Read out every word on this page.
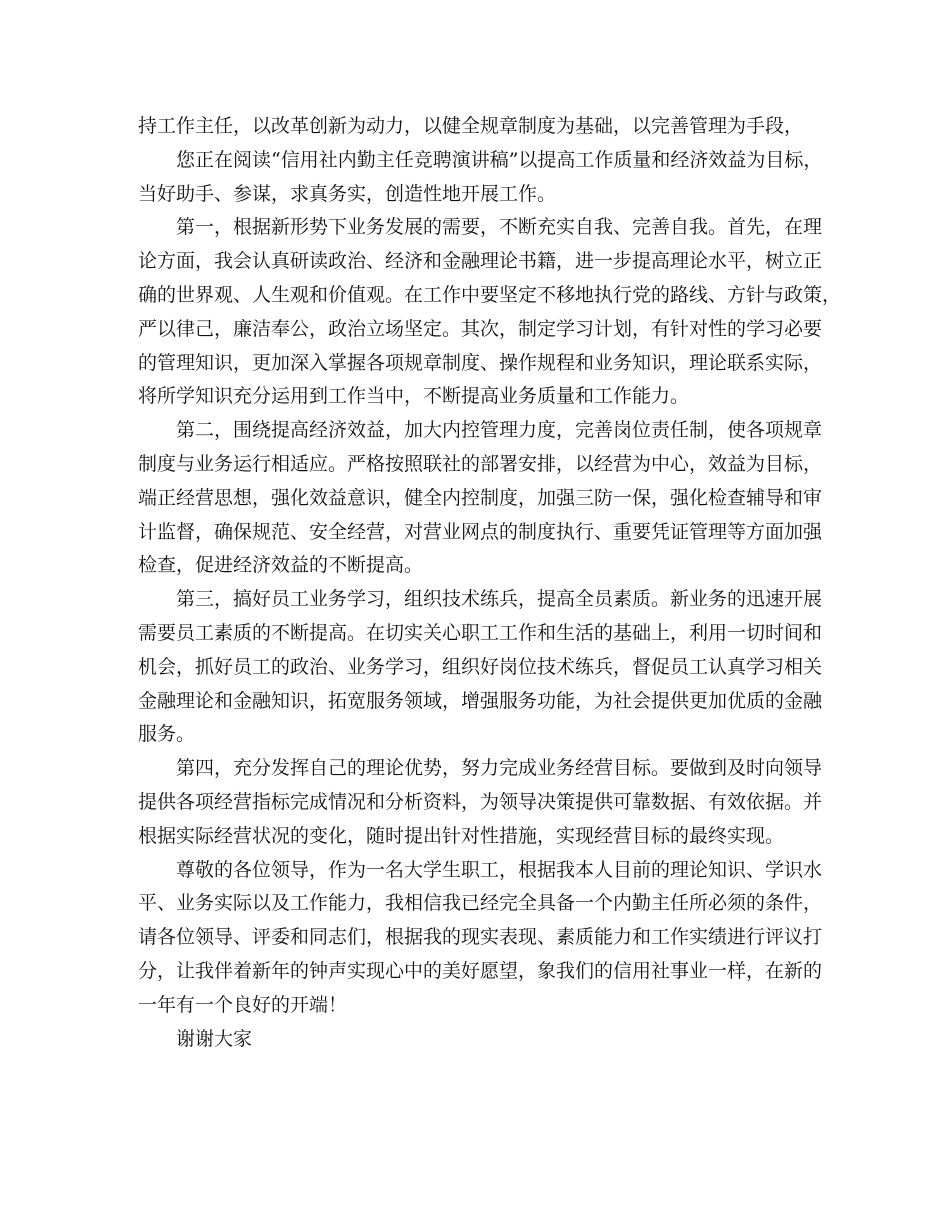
持工作主任，以改革创新为动力，以健全规章制度为基础，以完善管理为手段，
您正在阅读“信用社内勤主任竞聘演讲稿”以提高工作质量和经济效益为目标，
当好助手、参谋，求真务实，创造性地开展工作。
第一，根据新形势下业务发展的需要，不断充实自我、完善自我。首先，在理
论方面，我会认真研读政治、经济和金融理论书籍，进一步提高理论水平，树立正
确的世界观、人生观和价值观。在工作中要坚定不移地执行党的路线、方针与政策，
严以律己，廉洁奉公，政治立场坚定。其次，制定学习计划，有针对性的学习必要
的管理知识，更加深入掌握各项规章制度、操作规程和业务知识，理论联系实际，
将所学知识充分运用到工作当中，不断提高业务质量和工作能力。
第二，围绕提高经济效益，加大内控管理力度，完善岗位责任制，使各项规章
制度与业务运行相适应。严格按照联社的部署安排，以经营为中心，效益为目标，
端正经营思想，强化效益意识，健全内控制度，加强三防一保，强化检查辅导和审
计监督，确保规范、安全经营，对营业网点的制度执行、重要凭证管理等方面加强
检查，促进经济效益的不断提高。
第三，搞好员工业务学习，组织技术练兵，提高全员素质。新业务的迅速开展
需要员工素质的不断提高。在切实关心职工工作和生活的基础上，利用一切时间和
机会，抓好员工的政治、业务学习，组织好岗位技术练兵，督促员工认真学习相关
金融理论和金融知识，拓宽服务领域，增强服务功能，为社会提供更加优质的金融
服务。
第四，充分发挥自己的理论优势，努力完成业务经营目标。要做到及时向领导
提供各项经营指标完成情况和分析资料，为领导决策提供可靠数据、有效依据。并
根据实际经营状况的变化，随时提出针对性措施，实现经营目标的最终实现。
尊敬的各位领导，作为一名大学生职工，根据我本人目前的理论知识、学识水
平、业务实际以及工作能力，我相信我已经完全具备一个内勤主任所必须的条件，
请各位领导、评委和同志们，根据我的现实表现、素质能力和工作实绩进行评议打
分，让我伴着新年的钟声实现心中的美好愿望，象我们的信用社事业一样，在新的
一年有一个良好的开端！
谢谢大家
